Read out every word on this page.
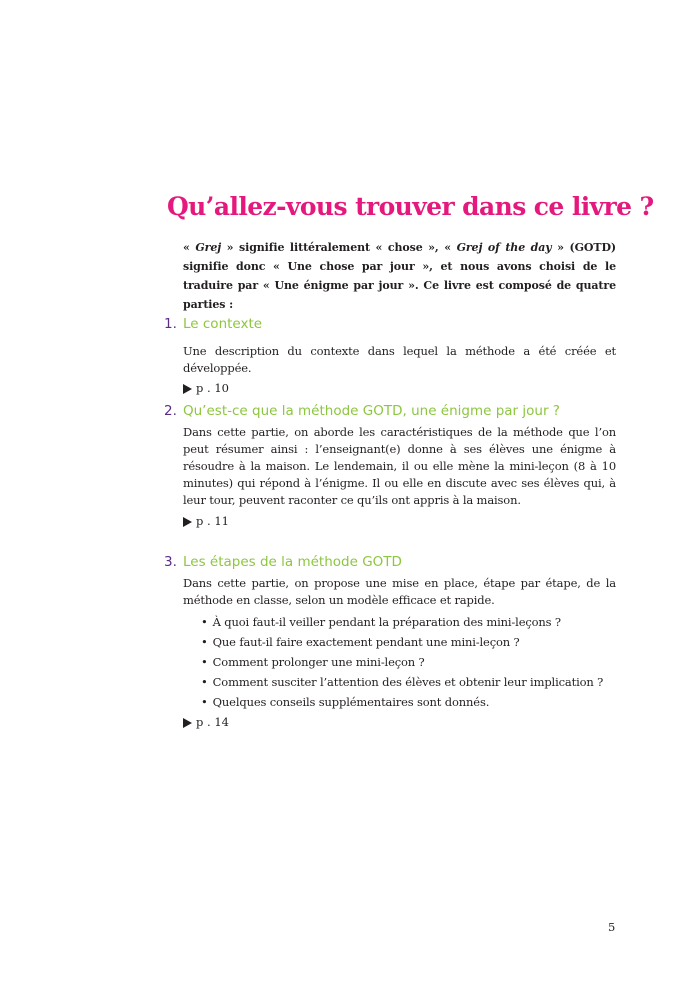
Qu’allez-vous trouver dans ce livre ?

« Grej » signifie littéralement « chose », « Grej of the day » (GOTD) signifie donc « Une chose par jour », et nous avons choisi de le traduire par « Une énigme par jour ». Ce livre est composé de quatre parties :

1. Le contexte

Une description du contexte dans lequel la méthode a été créée et développée.

p . 10
2. Qu’est-ce que la méthode GOTD, une énigme par jour ?

Dans cette partie, on aborde les caractéristiques de la méthode que l’on peut résumer ainsi : l’enseignant(e) donne à ses élèves une énigme à résoudre à la maison. Le lendemain, il ou elle mène la mini-leçon (8 à 10 minutes) qui répond à l’énigme. Il ou elle en discute avec ses élèves qui, à leur tour, peuvent raconter ce qu’ils ont appris à la maison.

p . 11
3. Les étapes de la méthode GOTD

Dans cette partie, on propose une mise en place, étape par étape, de la méthode en classe, selon un modèle efficace et rapide.

• À quoi faut-il veiller pendant la préparation des mini-leçons ?
• Que faut-il faire exactement pendant une mini-leçon ?
• Comment prolonger une mini-leçon ?
• Comment susciter l’attention des élèves et obtenir leur implication ?
• Quelques conseils supplémentaires sont donnés.
p . 14
5
